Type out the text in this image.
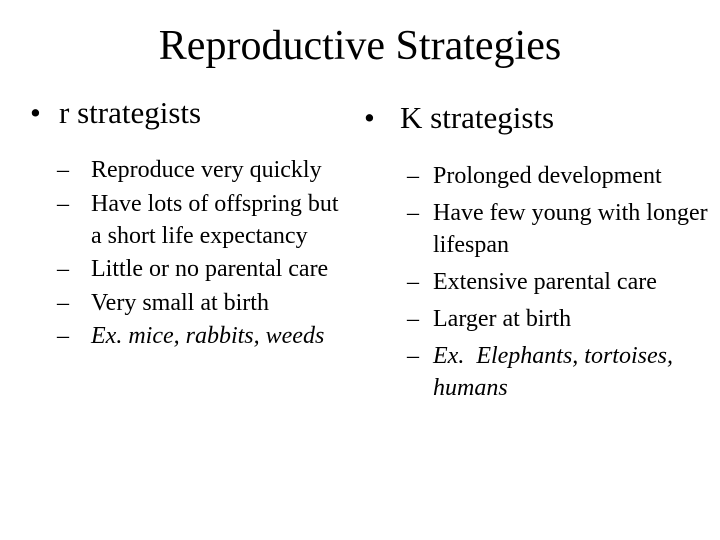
Reproductive Strategies
• r strategists
– Reproduce very quickly
– Have lots of offspring but a short life expectancy
– Little or no parental care
– Very small at birth
– Ex. mice, rabbits, weeds
• K strategists
– Prolonged development
– Have few young with longer lifespan
– Extensive parental care
– Larger at birth
– Ex.  Elephants, tortoises, humans
